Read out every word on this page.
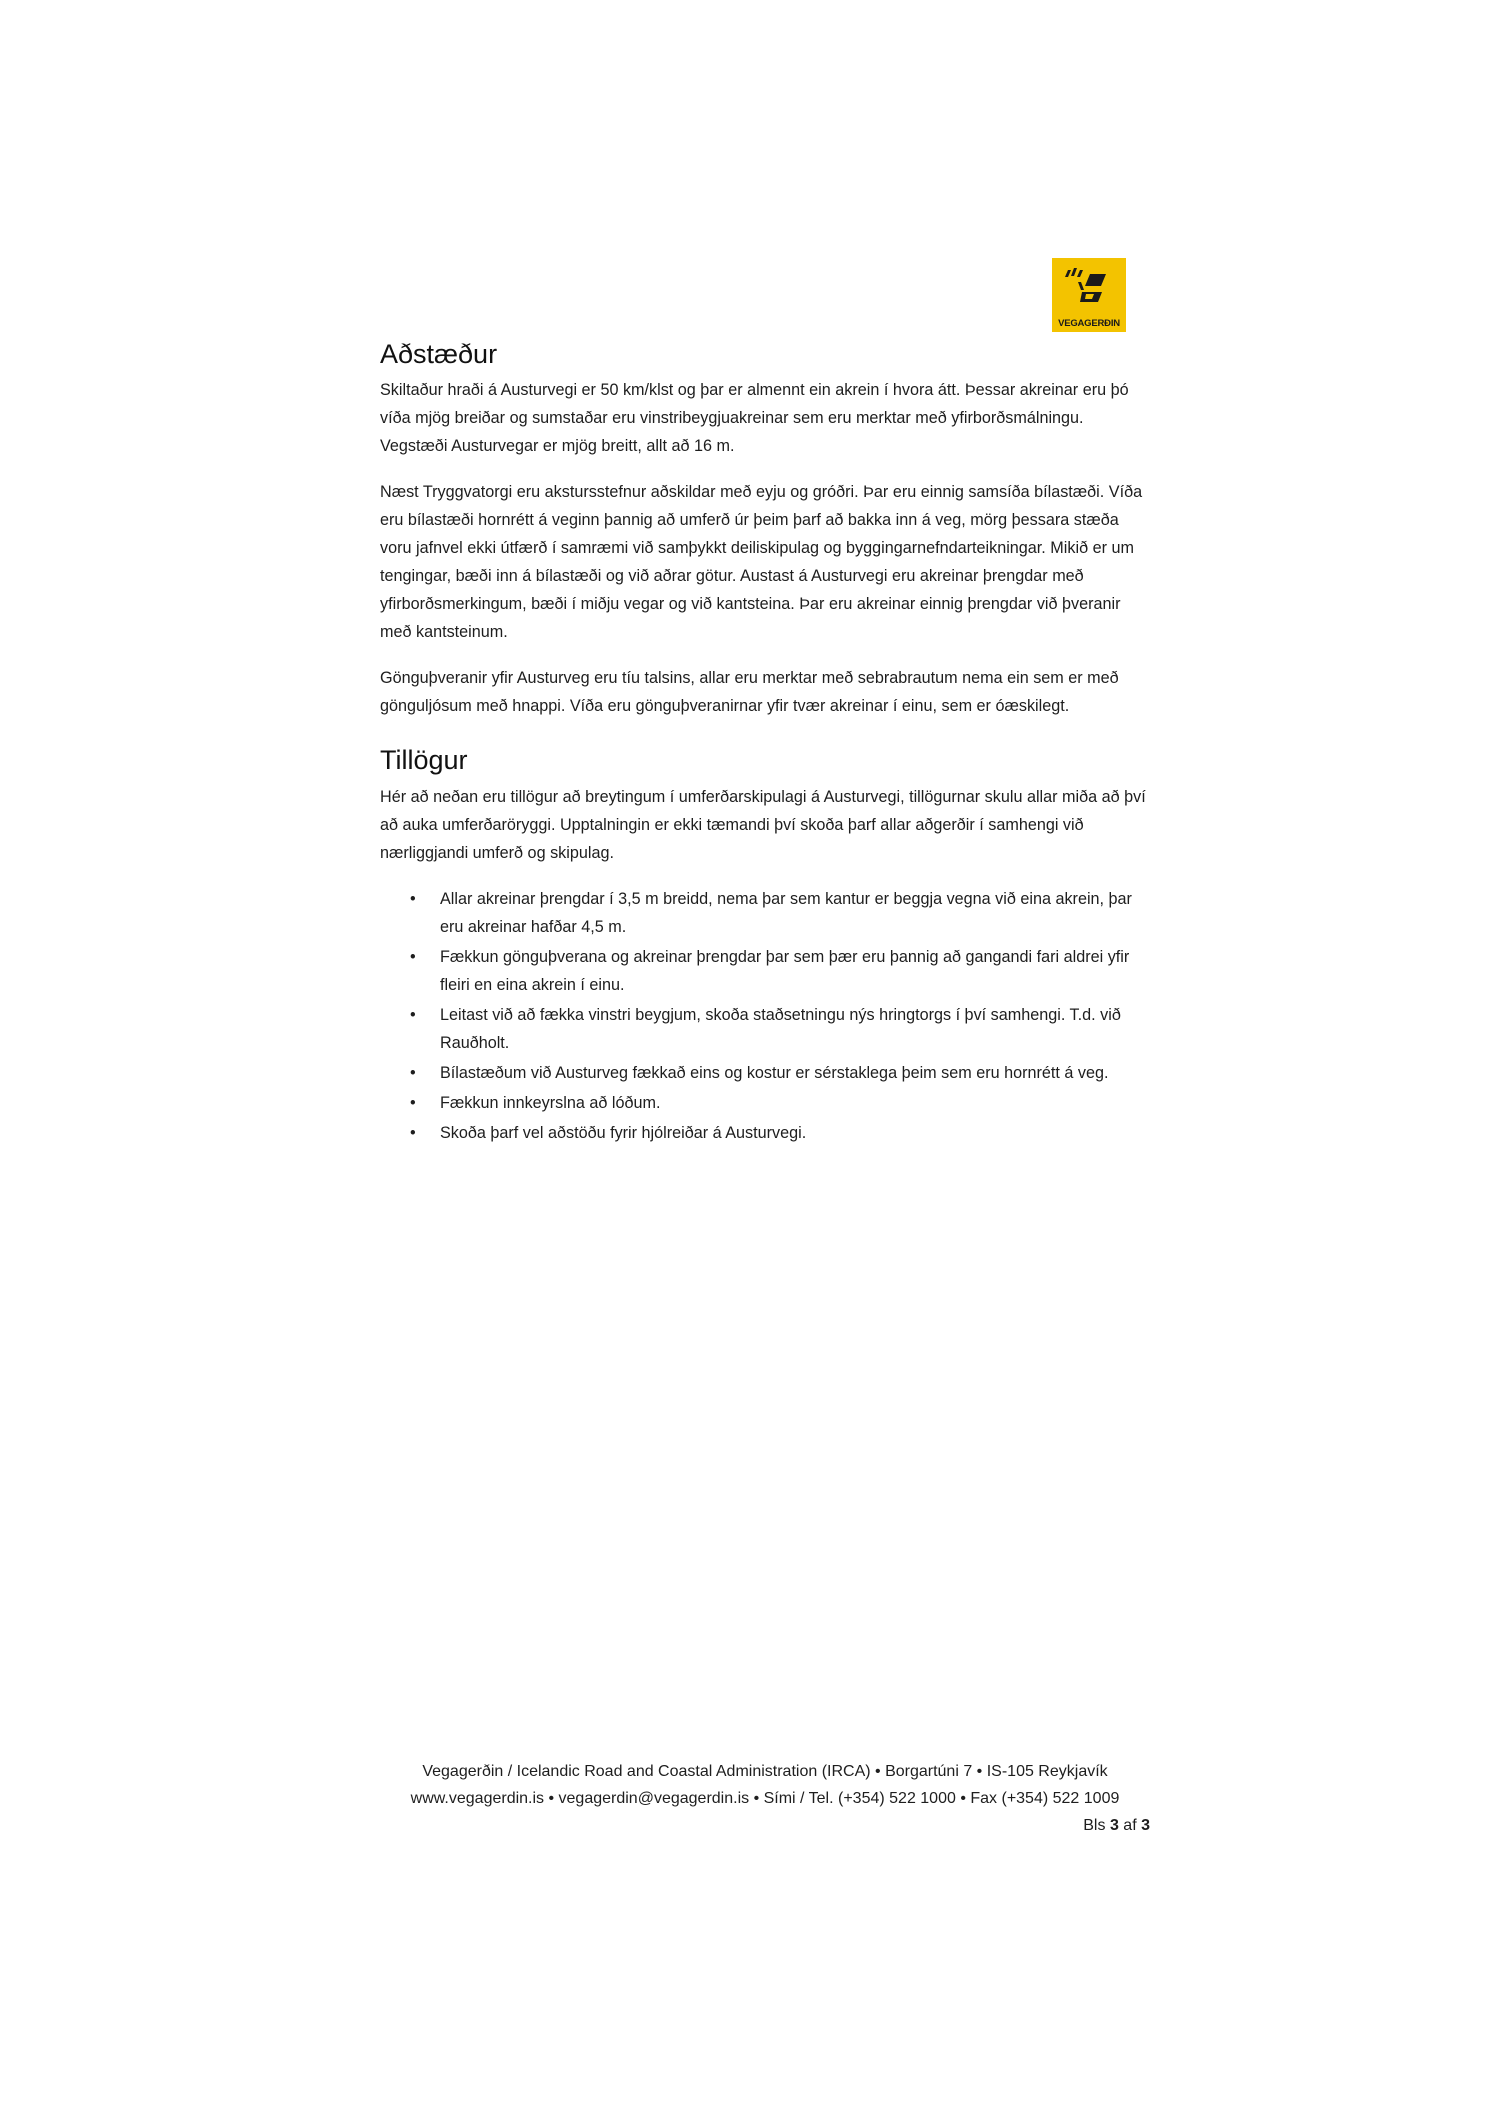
VEGAGERÐIN
Aðstæður

Skiltaður hraði á Austurvegi er 50 km/klst og þar er almennt ein akrein í hvora átt. Þessar akreinar eru þó víða mjög breiðar og sumstaðar eru vinstribeygjuakreinar sem eru merktar með yfirborðsmálningu. Vegstæði Austurvegar er mjög breitt, allt að 16 m.

Næst Tryggvatorgi eru akstursstefnur aðskildar með eyju og gróðri. Þar eru einnig samsíða bílastæði. Víða eru bílastæði hornrétt á veginn þannig að umferð úr þeim þarf að bakka inn á veg, mörg þessara stæða voru jafnvel ekki útfærð í samræmi við samþykkt deiliskipulag og byggingarnefndarteikningar. Mikið er um tengingar, bæði inn á bílastæði og við aðrar götur. Austast á Austurvegi eru akreinar þrengdar með yfirborðsmerkingum, bæði í miðju vegar og við kantsteina. Þar eru akreinar einnig þrengdar við þveranir með kantsteinum.

Gönguþveranir yfir Austurveg eru tíu talsins, allar eru merktar með sebrabrautum nema ein sem er með gönguljósum með hnappi. Víða eru gönguþveranirnar yfir tvær akreinar í einu, sem er óæskilegt.

Tillögur

Hér að neðan eru tillögur að breytingum í umferðarskipulagi á Austurvegi, tillögurnar skulu allar miða að því að auka umferðaröryggi. Upptalningin er ekki tæmandi því skoða þarf allar aðgerðir í samhengi við nærliggjandi umferð og skipulag.

• Allar akreinar þrengdar í 3,5 m breidd, nema þar sem kantur er beggja vegna við eina akrein, þar eru akreinar hafðar 4,5 m.
• Fækkun gönguþverana og akreinar þrengdar þar sem þær eru þannig að gangandi fari aldrei yfir fleiri en eina akrein í einu.
• Leitast við að fækka vinstri beygjum, skoða staðsetningu nýs hringtorgs í því samhengi. T.d. við Rauðholt.
• Bílastæðum við Austurveg fækkað eins og kostur er sérstaklega þeim sem eru hornrétt á veg.
• Fækkun innkeyrslna að lóðum.
• Skoða þarf vel aðstöðu fyrir hjólreiðar á Austurvegi.
Vegagerðin / Icelandic Road and Coastal Administration (IRCA) • Borgartúni 7 • IS-105 Reykjavík
www.vegagerdin.is • vegagerdin@vegagerdin.is • Sími / Tel. (+354) 522 1000 • Fax (+354) 522 1009
Bls 3 af 3
